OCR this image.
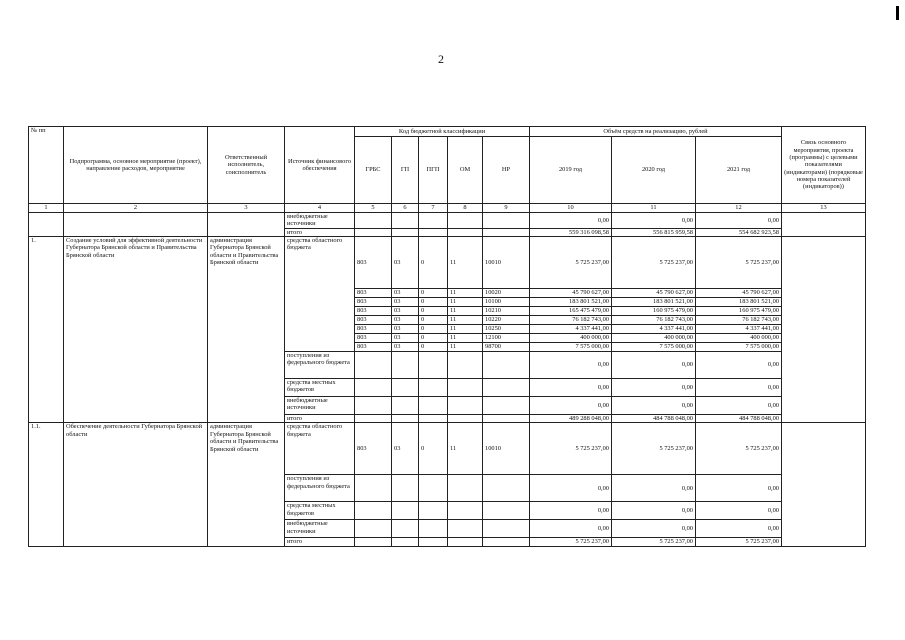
2
№ пп	Подпрограмма, основное мероприятие (проект), направление расходов, мероприятие	Ответственный исполнитель, соисполнитель	Источник финансового обеспечения	Код бюджетной классификации					Объём средств на реализацию, рублей			Связь основного мероприятия, проекта (программы) с целевыми показателями (индикаторами) (порядковые номера показателей (индикаторов))	
				ГРБС	ГП	ПГП	ОМ	НР	2019 год	2020 год	2021 год		
1	2	3	4	5	6	7	8	9	10	11	12	13	
			внебюджетные источники						0,00	0,00	0,00		
			итого						559 316 098,58	556 815 959,58	554 682 923,58		
1.	Создание условий для эффективной деятельности Губернатора Брянской области и Правительства Брянской области	администрация Губернатора Брянской области и Правительства Брянской области	средства областного бюджета	803	03	0	11	10010	5 725 237,00	5 725 237,00	5 725 237,00		
				803	03	0	11	10020	45 790 627,00	45 790 627,00	45 790 627,00		
				803	03	0	11	10100	183 801 521,00	183 801 521,00	183 801 521,00		
				803	03	0	11	10210	165 475 479,00	160 975 479,00	160 975 479,00		
				803	03	0	11	10220	76 182 743,00	76 182 743,00	76 182 743,00		
				803	03	0	11	10250	4 337 441,00	4 337 441,00	4 337 441,00		
				803	03	0	11	12100	400 000,00	400 000,00	400 000,00		
				803	03	0	11	98700	7 575 000,00	7 575 000,00	7 575 000,00		
			поступления из федерального бюджета						0,00	0,00	0,00		
			средства местных бюджетов						0,00	0,00	0,00		
			внебюджетные источники						0,00	0,00	0,00		
			итого						489 288 048,00	484 788 048,00	484 788 048,00	
1.1.	Обеспечение деятельности Губернатора Брянской области	администрация Губернатора Брянской области и Правительства Брянской области	средства областного бюджета	803	03	0	11	10010	5 725 237,00	5 725 237,00	5 725 237,00		
			поступления из федерального бюджета						0,00	0,00	0,00		
			средства местных бюджетов						0,00	0,00	0,00		
			внебюджетные источники						0,00	0,00	0,00		
			итого						5 725 237,00	5 725 237,00	5 725 237,00		
